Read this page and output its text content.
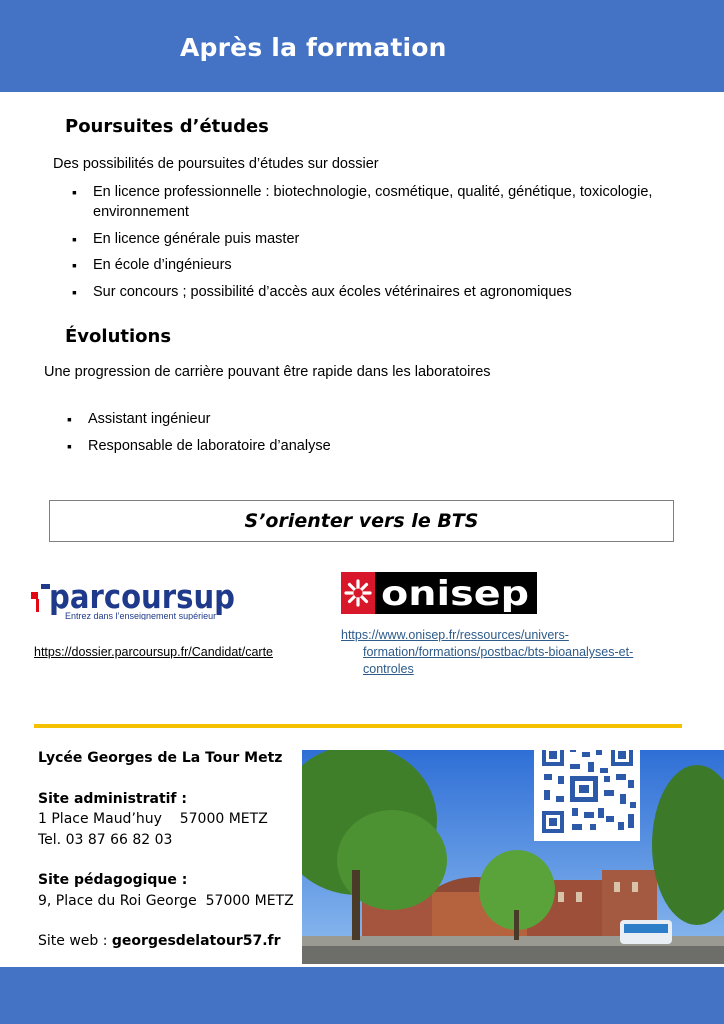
Après la formation
Poursuites d’études
Des possibilités de poursuites d’études sur dossier
▪ En licence professionnelle : biotechnologie, cosmétique, qualité, génétique, toxicologie, environnement
▪ En licence générale puis master
▪ En école d’ingénieurs
▪ Sur concours ; possibilité d’accès aux écoles vétérinaires et agronomiques
Évolutions
Une progression de carrière pouvant être rapide dans les laboratoires
▪ Assistant ingénieur
▪ Responsable de laboratoire d’analyse
S’orienter vers le BTS
parcoursup
Entrez dans l’enseignement supérieur
onisep
https://dossier.parcoursup.fr/Candidat/carte
https://www.onisep.fr/ressources/univers-
formation/formations/postbac/bts-bioanalyses-et-
controles
Lycée Georges de La Tour Metz
Site administratif :
1 Place Maud’huy    57000 METZ
Tel. 03 87 66 82 03
Site pédagogique :
9, Place du Roi George  57000 METZ
Site web : georgesdelatour57.fr
